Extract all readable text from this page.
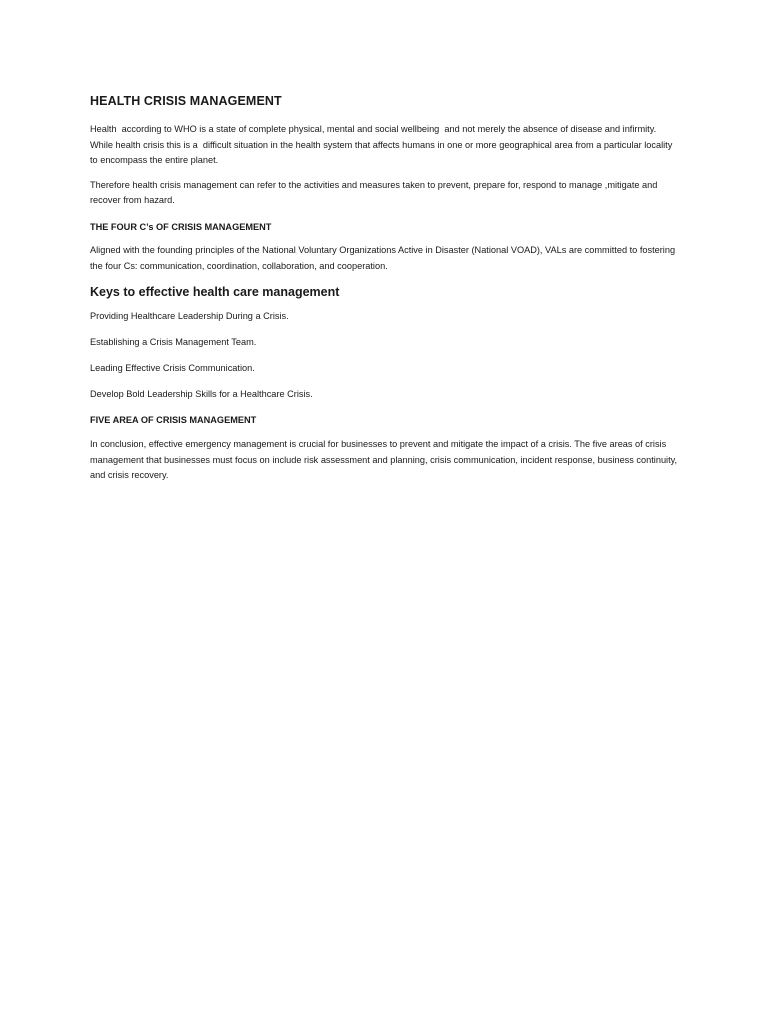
HEALTH CRISIS MANAGEMENT

Health  according to WHO is a state of complete physical, mental and social wellbeing  and not merely the absence of disease and infirmity. While health crisis this is a  difficult situation in the health system that affects humans in one or more geographical area from a particular locality to encompass the entire planet.

Therefore health crisis management can refer to the activities and measures taken to prevent, prepare for, respond to manage ,mitigate and recover from hazard.

THE FOUR C’s OF CRISIS MANAGEMENT

Aligned with the founding principles of the National Voluntary Organizations Active in Disaster (National VOAD), VALs are committed to fostering the four Cs: communication, coordination, collaboration, and cooperation.

Keys to effective health care management
Providing Healthcare Leadership During a Crisis.
Establishing a Crisis Management Team.
Leading Effective Crisis Communication.
Develop Bold Leadership Skills for a Healthcare Crisis.
FIVE AREA OF CRISIS MANAGEMENT

In conclusion, effective emergency management is crucial for businesses to prevent and mitigate the impact of a crisis. The five areas of crisis management that businesses must focus on include risk assessment and planning, crisis communication, incident response, business continuity, and crisis recovery.
